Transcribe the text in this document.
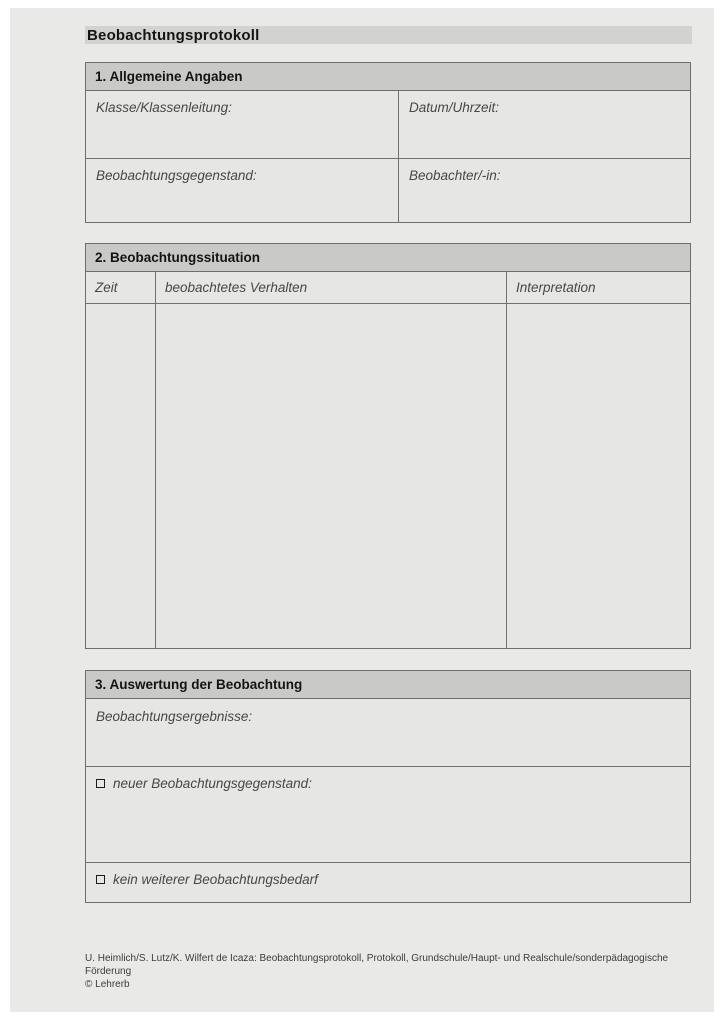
Beobachtungsprotokoll
1. Allgemeine Angaben
Klasse/Klassenleitung:	Datum/Uhrzeit:
Beobachtungsgegenstand:	Beobachter/-in:
2. Beobachtungssituation
Zeit	beobachtetes Verhalten	Interpretation
3. Auswertung der Beobachtung
Beobachtungsergebnisse:
neuer Beobachtungsgegenstand:
kein weiterer Beobachtungsbedarf
U. Heimlich/S. Lutz/K. Wilfert de Icaza: Beobachtungsprotokoll, Protokoll, Grundschule/Haupt- und Realschule/sonderpädagogische
Förderung
© Lehrerb
